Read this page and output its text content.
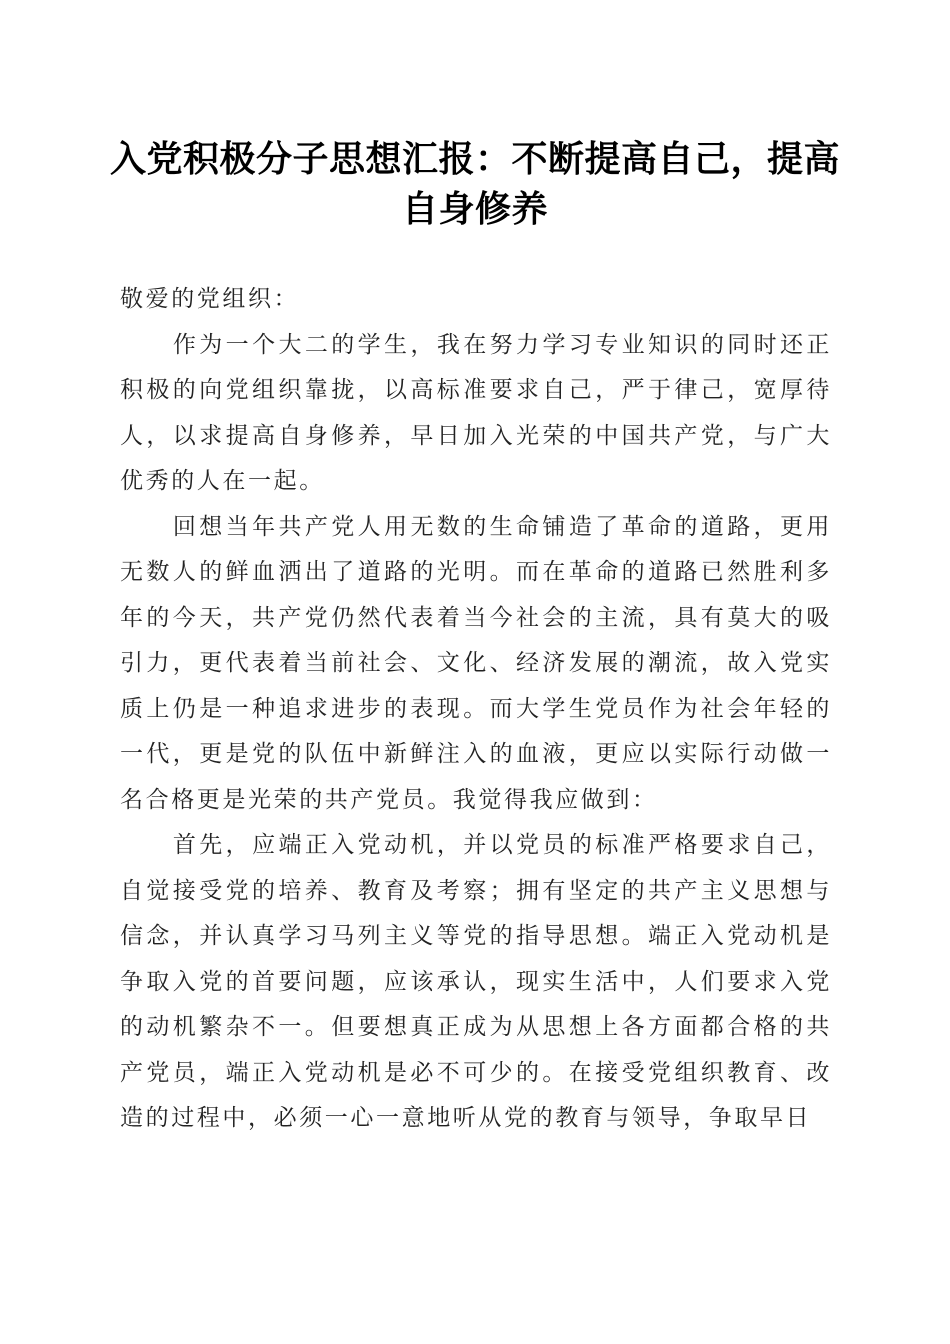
入党积极分子思想汇报：不断提高自己，提高自身修养

敬爱的党组织：

作为一个大二的学生，我在努力学习专业知识的同时还正积极的向党组织靠拢，以高标准要求自己，严于律己，宽厚待人，以求提高自身修养，早日加入光荣的中国共产党，与广大优秀的人在一起。

回想当年共产党人用无数的生命铺造了革命的道路，更用无数人的鲜血洒出了道路的光明。而在革命的道路已然胜利多年的今天，共产党仍然代表着当今社会的主流，具有莫大的吸引力，更代表着当前社会、文化、经济发展的潮流，故入党实质上仍是一种追求进步的表现。而大学生党员作为社会年轻的一代，更是党的队伍中新鲜注入的血液，更应以实际行动做一名合格更是光荣的共产党员。我觉得我应做到：

首先，应端正入党动机，并以党员的标准严格要求自己，自觉接受党的培养、教育及考察；拥有坚定的共产主义思想与信念，并认真学习马列主义等党的指导思想。端正入党动机是争取入党的首要问题，应该承认，现实生活中，人们要求入党的动机繁杂不一。但要想真正成为从思想上各方面都合格的共产党员，端正入党动机是必不可少的。在接受党组织教育、改造的过程中，必须一心一意地听从党的教育与领导，争取早日
